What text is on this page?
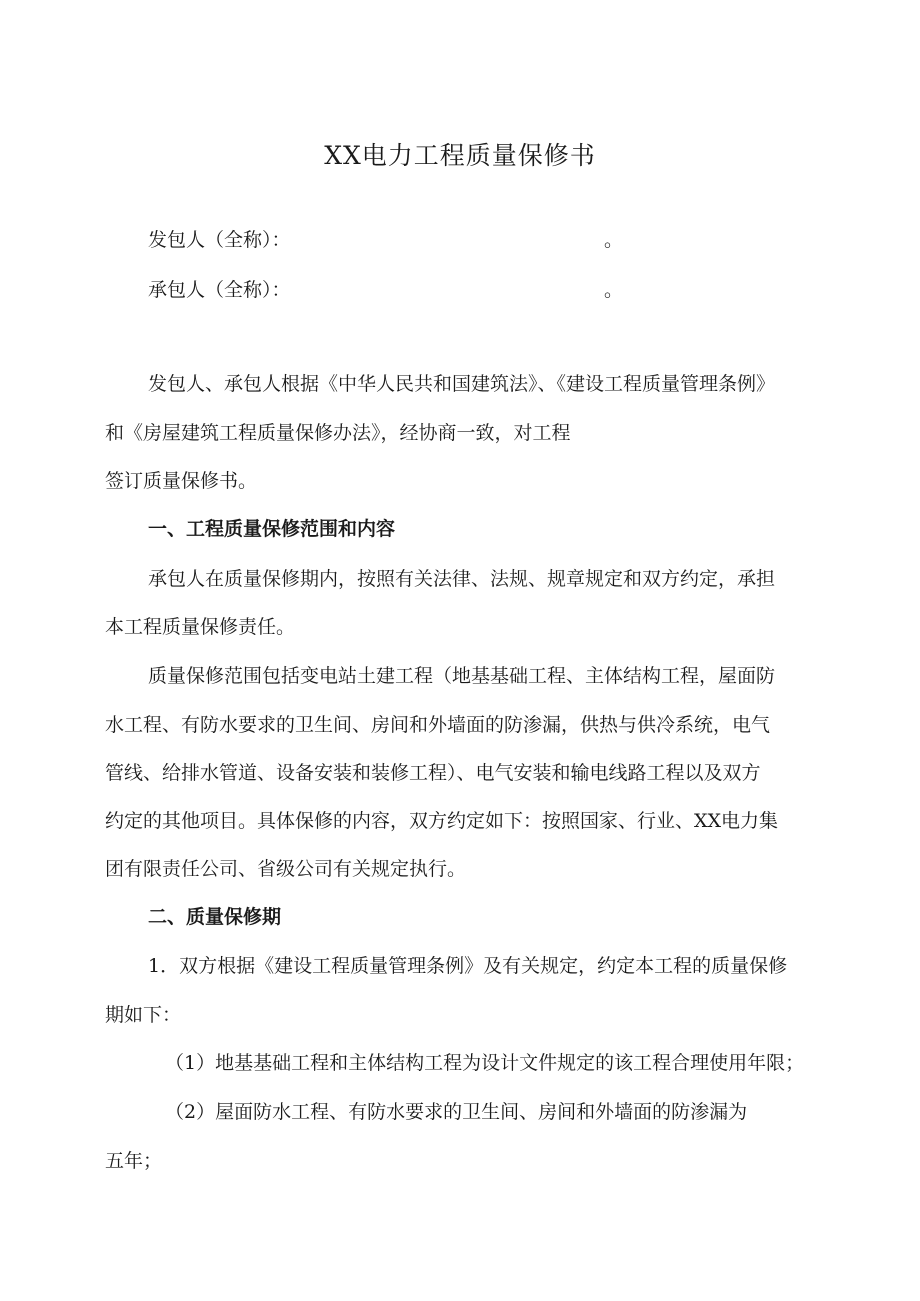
XX电力工程质量保修书
发包人（全称）：	。
承包人（全称）：	。
发包人、承包人根据《中华人民共和国建筑法》、《建设工程质量管理条例》
和《房屋建筑工程质量保修办法》，经协商一致，对工程
签订质量保修书。
一、工程质量保修范围和内容
承包人在质量保修期内，按照有关法律、法规、规章规定和双方约定，承担
本工程质量保修责任。
质量保修范围包括变电站土建工程（地基基础工程、主体结构工程，屋面防
水工程、有防水要求的卫生间、房间和外墙面的防渗漏，供热与供冷系统，电气
管线、给排水管道、设备安装和装修工程）、电气安装和输电线路工程以及双方
约定的其他项目。具体保修的内容，双方约定如下：按照国家、行业、XX电力集
团有限责任公司、省级公司有关规定执行。
二、质量保修期
1．双方根据《建设工程质量管理条例》及有关规定，约定本工程的质量保修
期如下：
（1）地基基础工程和主体结构工程为设计文件规定的该工程合理使用年限；
（2）屋面防水工程、有防水要求的卫生间、房间和外墙面的防渗漏为
五年；
